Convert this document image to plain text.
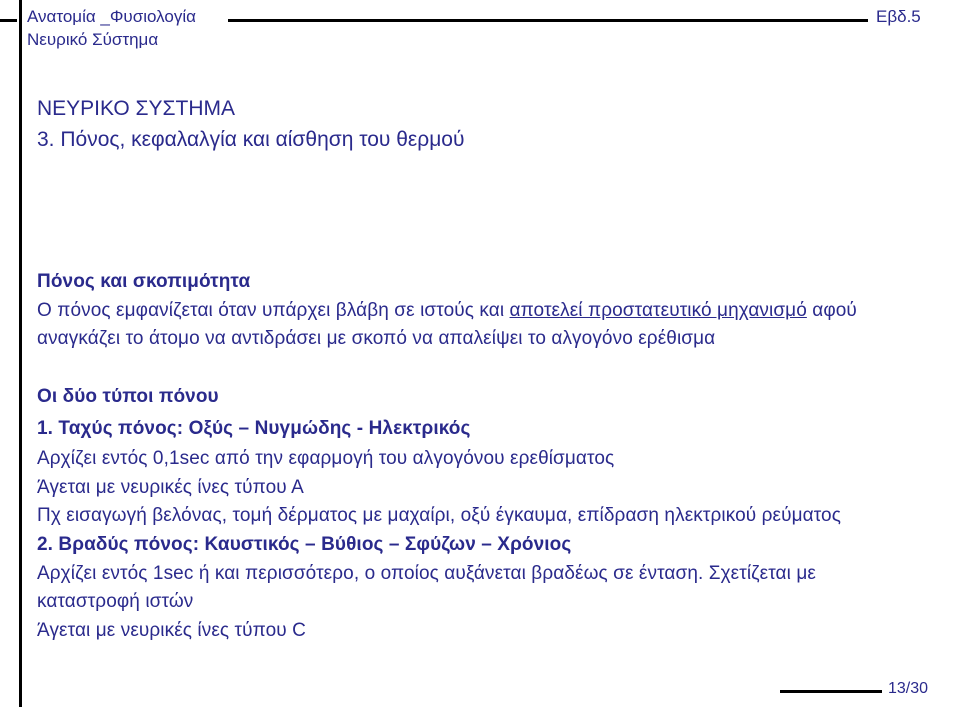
Ανατομία _Φυσιολογία
Νευρικό Σύστημα
Εβδ.5
ΝΕΥΡΙΚΟ ΣΥΣΤΗΜΑ
3. Πόνος, κεφαλαλγία και αίσθηση του θερμού
Πόνος και σκοπιμότητα
Ο πόνος εμφανίζεται όταν υπάρχει βλάβη σε ιστούς και αποτελεί προστατευτικό μηχανισμό αφού
αναγκάζει το άτομο να αντιδράσει με σκοπό να απαλείψει το αλγογόνο ερέθισμα
Οι δύο τύποι πόνου
1. Ταχύς πόνος: Οξύς – Νυγμώδης - Ηλεκτρικός
Αρχίζει εντός 0,1sec από την εφαρμογή του αλγογόνου ερεθίσματος
Άγεται με νευρικές ίνες τύπου Α
Πχ εισαγωγή βελόνας, τομή δέρματος με μαχαίρι, οξύ έγκαυμα, επίδραση ηλεκτρικού ρεύματος
2. Βραδύς πόνος: Καυστικός – Βύθιος – Σφύζων – Χρόνιος
Αρχίζει εντός 1sec ή και περισσότερο, ο οποίος αυξάνεται βραδέως σε ένταση. Σχετίζεται με
καταστροφή ιστών
Άγεται με νευρικές ίνες τύπου C
13/30
